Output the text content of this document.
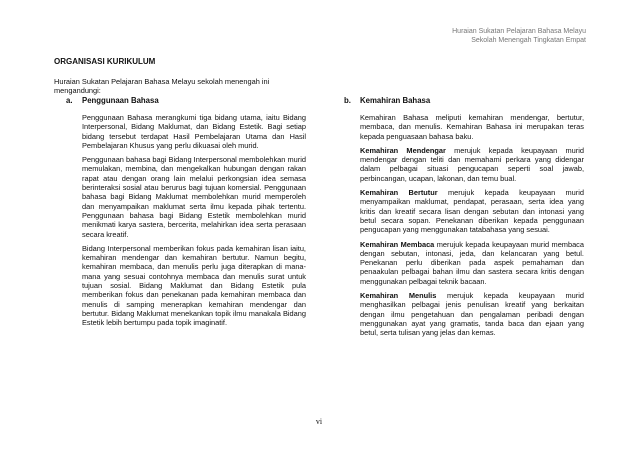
Huraian Sukatan Pelajaran Bahasa Melayu
Sekolah Menengah Tingkatan Empat
ORGANISASI KURIKULUM
Huraian Sukatan Pelajaran Bahasa Melayu sekolah menengah ini mengandungi:
a.	Penggunaan Bahasa

Penggunaan Bahasa merangkumi tiga bidang utama, iaitu Bidang Interpersonal, Bidang Maklumat, dan Bidang Estetik. Bagi setiap bidang tersebut terdapat Hasil Pembelajaran Utama dan Hasil Pembelajaran Khusus yang perlu dikuasai oleh murid.

Penggunaan bahasa bagi Bidang Interpersonal membolehkan murid memulakan, membina, dan mengekalkan hubungan dengan rakan rapat atau dengan orang lain melalui perkongsian idea semasa berinteraksi sosial atau berurus bagi tujuan komersial. Penggunaan bahasa bagi Bidang Maklumat membolehkan murid memperoleh dan menyampaikan maklumat serta ilmu kepada pihak tertentu. Penggunaan bahasa bagi Bidang Estetik membolehkan murid menikmati karya sastera, bercerita, melahirkan idea serta perasaan secara kreatif.

Bidang Interpersonal memberikan fokus pada kemahiran lisan iaitu, kemahiran mendengar dan kemahiran bertutur. Namun begitu, kemahiran membaca, dan menulis perlu juga diterapkan di mana-mana yang sesuai contohnya membaca dan menulis surat untuk tujuan sosial. Bidang Maklumat dan Bidang Estetik pula memberikan fokus dan penekanan pada kemahiran membaca dan menulis di samping menerapkan kemahiran mendengar dan bertutur. Bidang Maklumat menekankan topik ilmu manakala Bidang Estetik lebih bertumpu pada topik imaginatif.

b.	Kemahiran Bahasa

Kemahiran Bahasa meliputi kemahiran mendengar, bertutur, membaca, dan menulis. Kemahiran Bahasa ini merupakan teras kepada penguasaan bahasa baku.

Kemahiran Mendengar merujuk kepada keupayaan murid mendengar dengan teliti dan memahami perkara yang didengar dalam pelbagai situasi pengucapan seperti soal jawab, perbincangan, ucapan, lakonan, dan temu bual.

Kemahiran Bertutur merujuk kepada keupayaan murid menyampaikan maklumat, pendapat, perasaan, serta idea yang kritis dan kreatif secara lisan dengan sebutan dan intonasi yang betul secara sopan. Penekanan diberikan kepada penggunaan pengucapan yang menggunakan tatabahasa yang sesuai.

Kemahiran Membaca merujuk kepada keupayaan murid membaca dengan sebutan, intonasi, jeda, dan kelancaran yang betul. Penekanan perlu diberikan pada aspek pemahaman dan penaakulan pelbagai bahan ilmu dan sastera secara kritis dengan menggunakan pelbagai teknik bacaan.

Kemahiran Menulis merujuk kepada keupayaan murid menghasilkan pelbagai jenis penulisan kreatif yang berkaitan dengan ilmu pengetahuan dan pengalaman peribadi dengan menggunakan ayat yang gramatis, tanda baca dan ejaan yang betul, serta tulisan yang jelas dan kemas.

vi
